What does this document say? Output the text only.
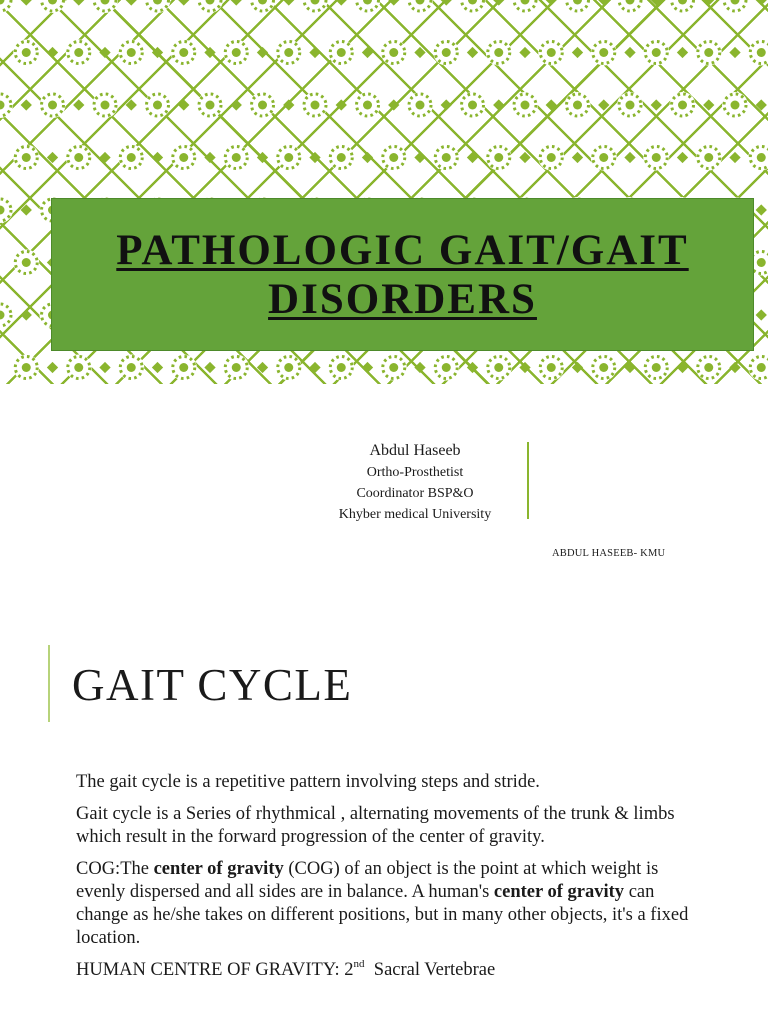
PATHOLOGIC GAIT/GAIT DISORDERS
Abdul Haseeb
Ortho-Prosthetist
Coordinator BSP&O
Khyber medical University
ABDUL HASEEB- KMU
GAIT CYCLE

The gait cycle is a repetitive pattern involving steps and stride.

Gait cycle is a Series of rhythmical , alternating movements of the trunk & limbs which result in the forward progression of the center of gravity.

COG:The center of gravity (COG) of an object is the point at which weight is evenly dispersed and all sides are in balance. A human's center of gravity can change as he/she takes on different positions, but in many other objects, it's a fixed location.

HUMAN CENTRE OF GRAVITY: 2nd  Sacral Vertebrae
